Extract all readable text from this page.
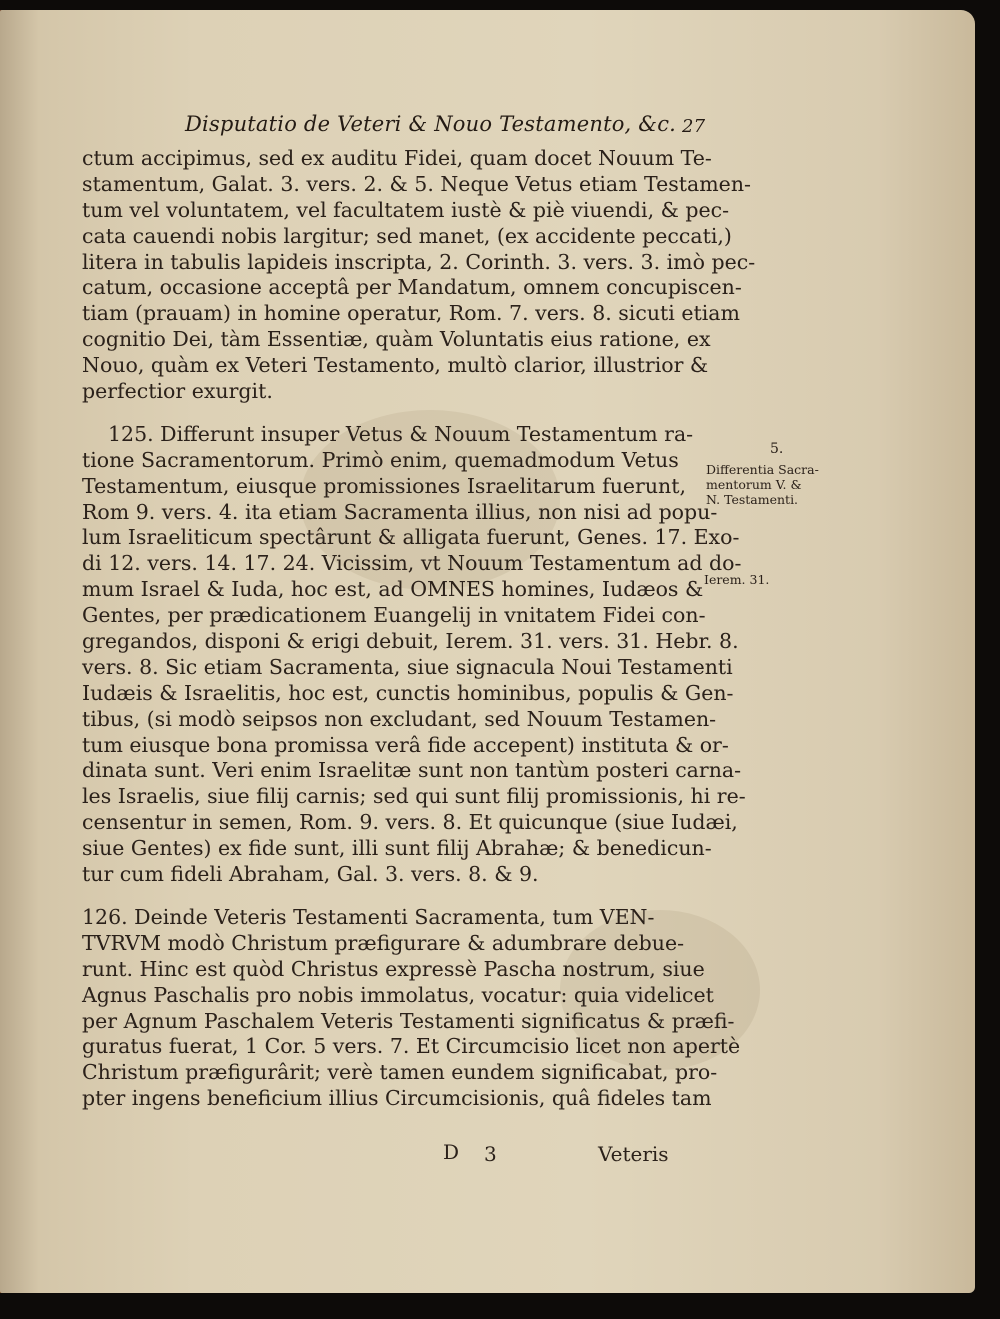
Disputatio de Veteri & Nouo Testamento, &c. 27
ctum accipimus, sed ex auditu Fidei, quam docet Nouum Te-
stamentum, Galat. 3. vers. 2. & 5. Neque Vetus etiam Testamen-
tum vel voluntatem, vel facultatem iustè & piè viuendi, & pec-
cata cauendi nobis largitur; sed manet, (ex accidente peccati,)
litera in tabulis lapideis inscripta, 2. Corinth. 3. vers. 3. imò pec-
catum, occasione acceptâ per Mandatum, omnem concupiscen-
tiam (prauam) in homine operatur, Rom. 7. vers. 8. sicuti etiam
cognitio Dei, tàm Essentiæ, quàm Voluntatis eius ratione, ex
Nouo, quàm ex Veteri Testamento, multò clarior, illustrior &
perfectior exurgit.
125. Differunt insuper Vetus & Nouum Testamentum ra-
tione Sacramentorum. Primò enim, quemadmodum Vetus
Testamentum, eiusque promissiones Israelitarum fuerunt,
Rom 9. vers. 4. ita etiam Sacramenta illius, non nisi ad popu-
lum Israeliticum spectârunt & alligata fuerunt, Genes. 17. Exo-
di 12. vers. 14. 17. 24. Vicissim, vt Nouum Testamentum ad do-
mum Israel & Iuda, hoc est, ad OMNES homines, Iudæos &
Gentes, per prædicationem Euangelij in vnitatem Fidei con-
gregandos, disponi & erigi debuit, Ierem. 31. vers. 31. Hebr. 8.
vers. 8. Sic etiam Sacramenta, siue signacula Noui Testamenti
Iudæis & Israelitis, hoc est, cunctis hominibus, populis & Gen-
tibus, (si modò seipsos non excludant, sed Nouum Testamen-
tum eiusque bona promissa verâ fide accepent) instituta & or-
dinata sunt. Veri enim Israelitæ sunt non tantùm posteri carna-
les Israelis, siue filij carnis; sed qui sunt filij promissionis, hi re-
censentur in semen, Rom. 9. vers. 8. Et quicunque (siue Iudæi,
siue Gentes) ex fide sunt, illi sunt filij Abrahæ; & benedicun-
tur cum fideli Abraham, Gal. 3. vers. 8. & 9.
126. Deinde Veteris Testamenti Sacramenta, tum VEN-
TVRVM modò Christum præfigurare & adumbrare debue-
runt. Hinc est quòd Christus expressè Pascha nostrum, siue
Agnus Paschalis pro nobis immolatus, vocatur: quia videlicet
per Agnum Paschalem Veteris Testamenti significatus & præfi-
guratus fuerat, 1 Cor. 5 vers. 7. Et Circumcisio licet non apertè
Christum præfigurârit; verè tamen eundem significabat, pro-
pter ingens beneficium illius Circumcisionis, quâ fideles tam
5.
Differentia Sacra-
mentorum V. &
N. Testamenti.
Ierem. 31.
D 3	Veteris
